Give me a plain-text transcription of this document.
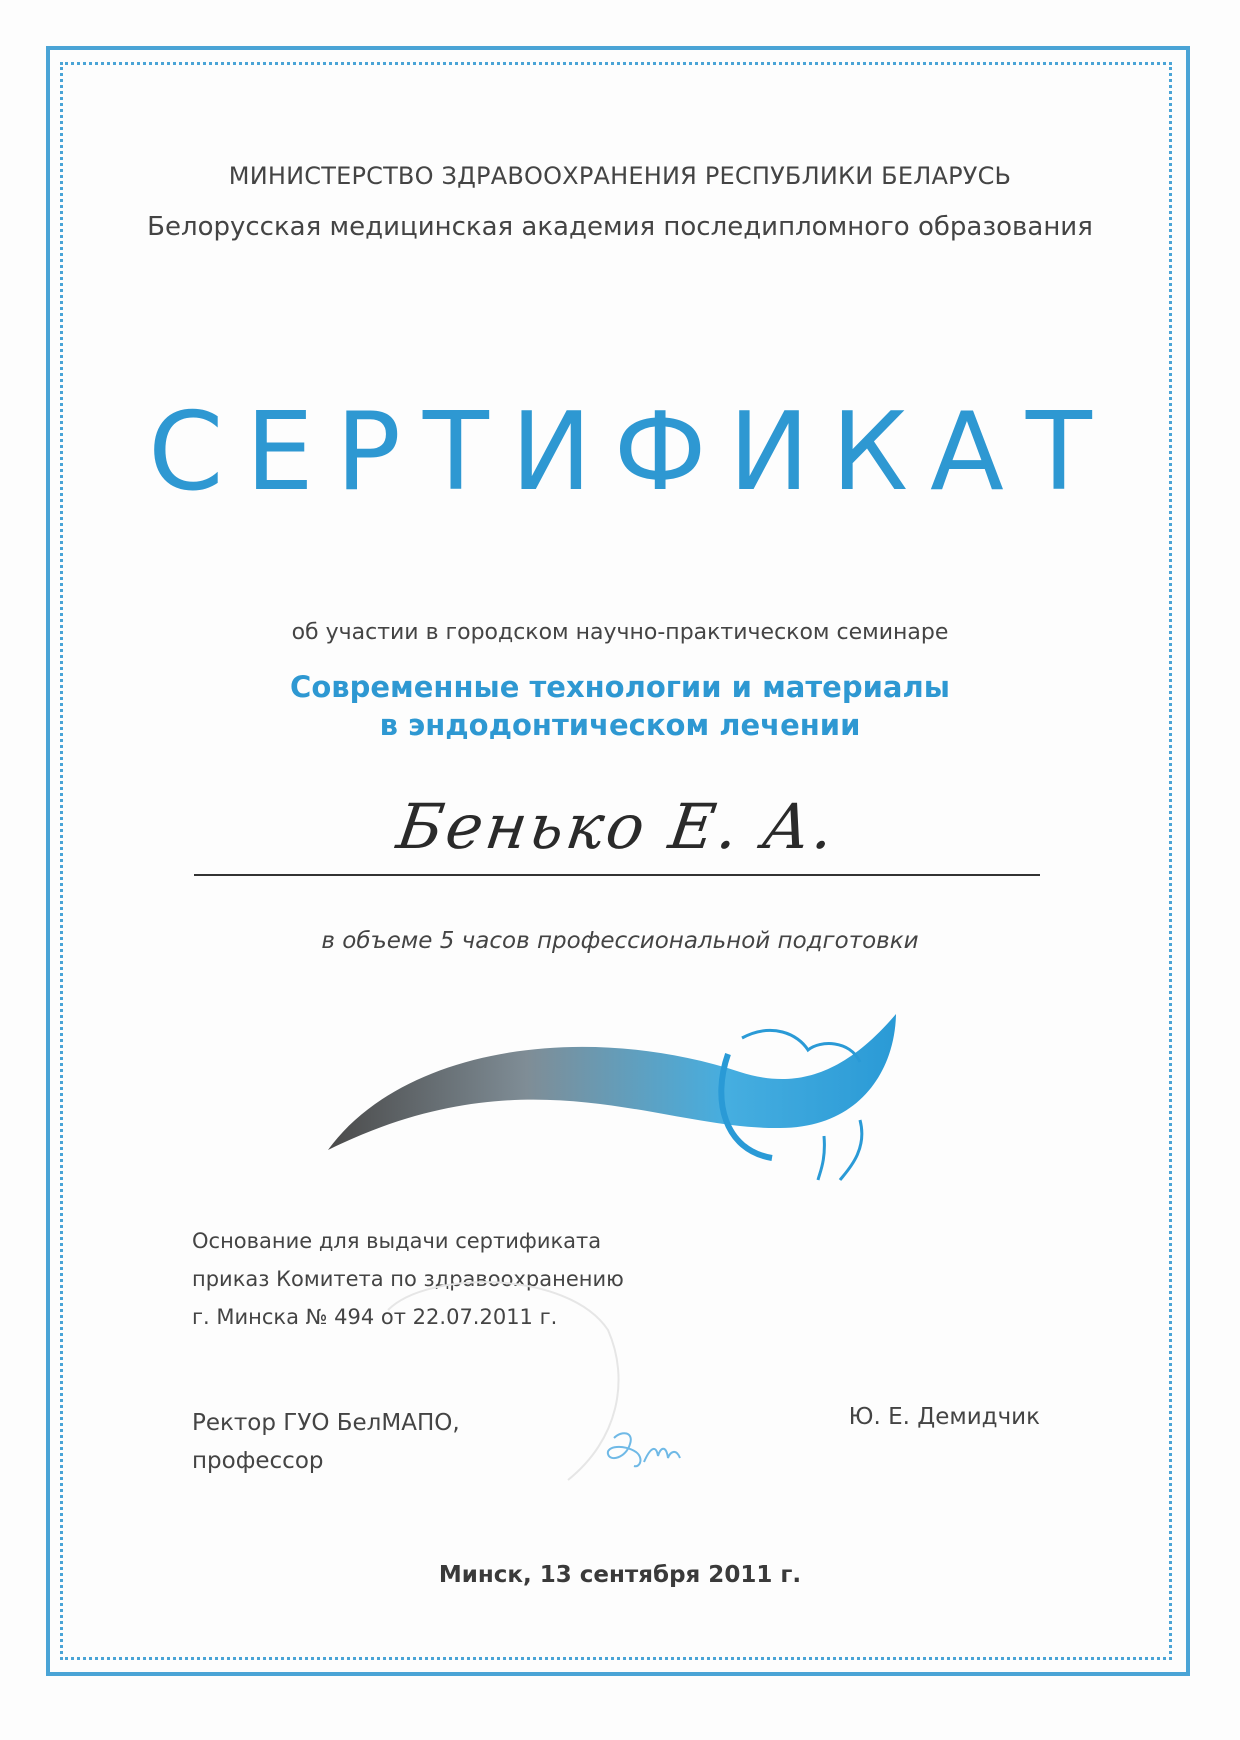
МИНИСТЕРСТВО ЗДРАВООХРАНЕНИЯ РЕСПУБЛИКИ БЕЛАРУСЬ
Белорусская медицинская академия последипломного образования
СЕРТИФИКАТ
об участии в городском научно-практическом семинаре
Современные технологии и материалы
в эндодонтическом лечении
Бенько Е. А.
в объеме 5 часов профессиональной подготовки
Основание для выдачи сертификата
приказ Комитета по здравоохранению
г. Минска № 494 от 22.07.2011 г.
Ректор ГУО БелМАПО,
профессор
Ю. Е. Демидчик
Минск, 13 сентября 2011 г.
